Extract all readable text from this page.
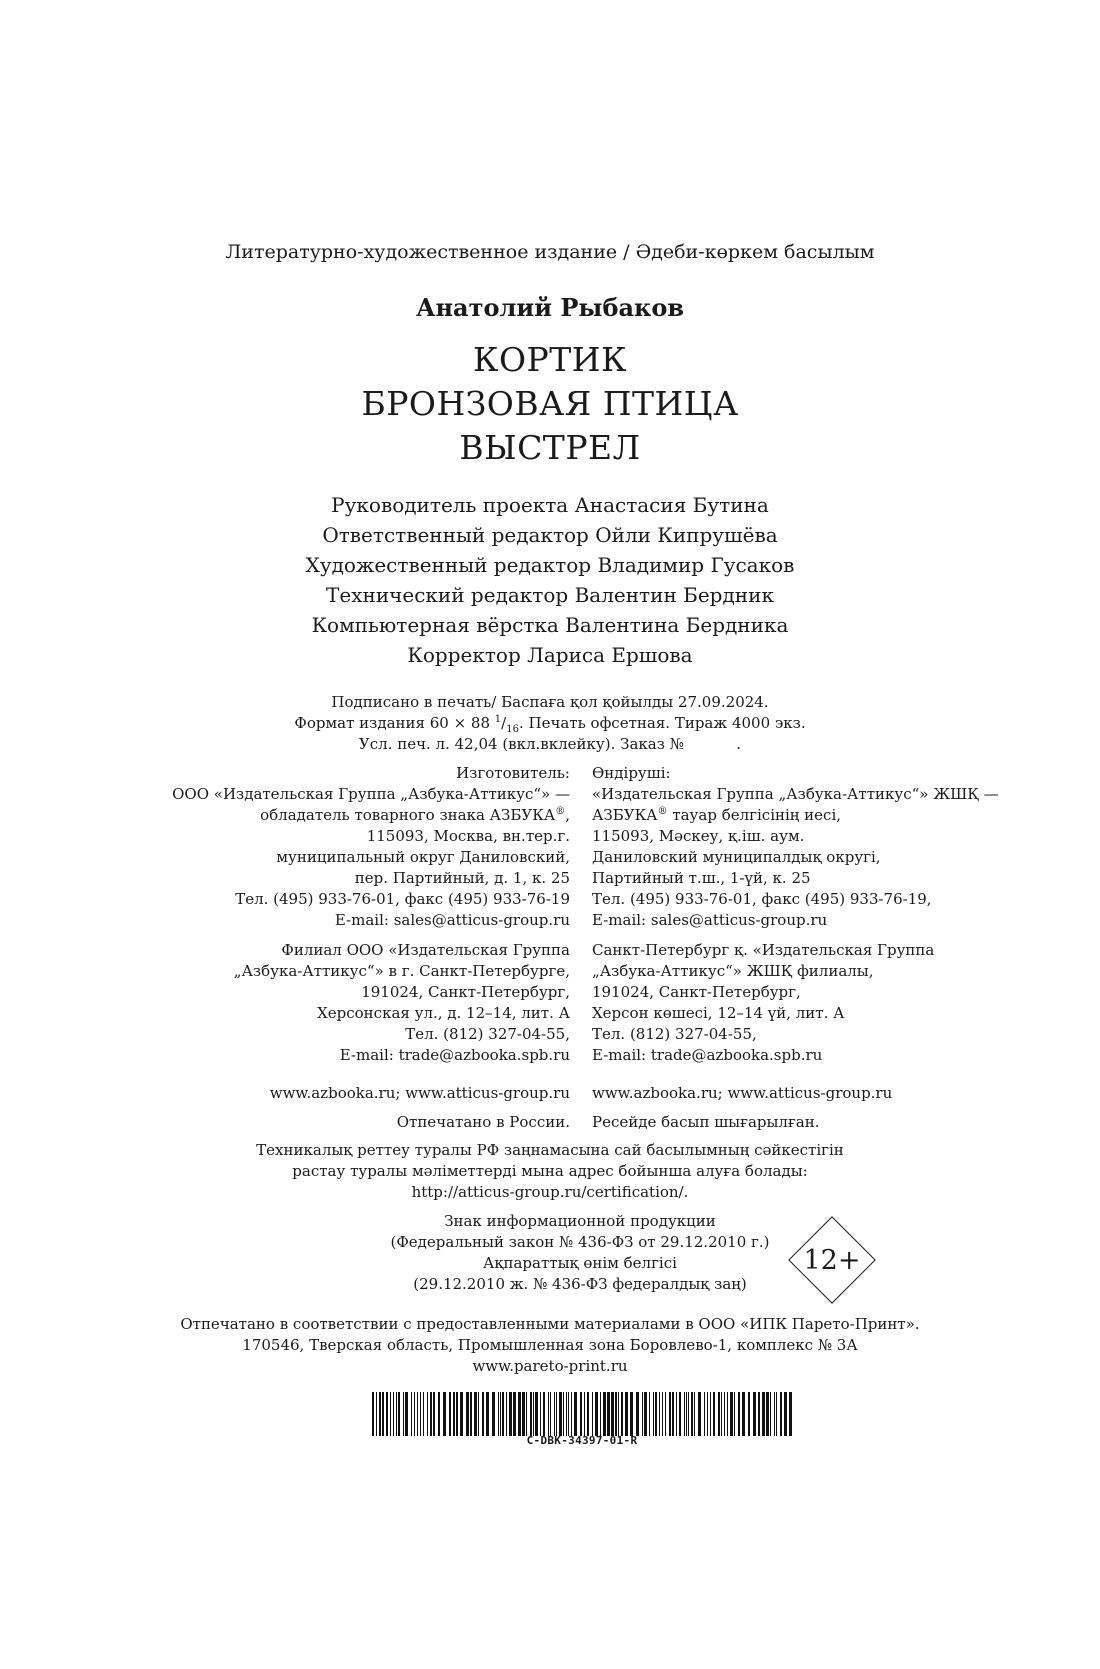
Литературно-художественное издание / Әдеби-көркем басылым
Анатолий Рыбаков
КОРТИК
БРОНЗОВАЯ ПТИЦА
ВЫСТРЕЛ
Руководитель проекта Анастасия Бутина
Ответственный редактор Ойли Кипрушёва
Художественный редактор Владимир Гусаков
Технический редактор Валентин Бердник
Компьютерная вёрстка Валентина Бердника
Корректор Лариса Ершова
Подписано в печать/ Баспаға қол қойылды 27.09.2024.
Формат издания 60 × 88 $^1/_{16}$. Печать офсетная. Тираж 4000 экз.
Усл. печ. л. 42,04 (вкл.вклейку). Заказ №           .
Изготовитель:
ООО «Издательская Группа „Азбука-Аттикус“» —
обладатель товарного знака АЗБУКА®,
115093, Москва, вн.тер.г.
муниципальный округ Даниловский,
пер. Партийный, д. 1, к. 25
Тел. (495) 933-76-01, факс (495) 933-76-19
E-mail: sales@atticus-group.ru
Өндіруші:
«Издательская Группа „Азбука-Аттикус“» ЖШҚ —
АЗБУКА® тауар белгісінің иесі,
115093, Мәскеу, қ.іш. аум.
Даниловский муниципалдық округі,
Партийный т.ш., 1-үй, к. 25
Тел. (495) 933-76-01, факс (495) 933-76-19,
E-mail: sales@atticus-group.ru
Филиал ООО «Издательская Группа
„Азбука-Аттикус“» в г. Санкт-Петербурге,
191024, Санкт-Петербург,
Херсонская ул., д. 12–14, лит. А
Тел. (812) 327-04-55,
E-mail: trade@azbooka.spb.ru
Санкт-Петербург қ. «Издательская Группа
„Азбука-Аттикус“» ЖШҚ филиалы,
191024, Санкт-Петербург,
Херсон көшесі, 12–14 үй, лит. А
Тел. (812) 327-04-55,
E-mail: trade@azbooka.spb.ru
www.azbooka.ru; www.atticus-group.ru www.azbooka.ru; www.atticus-group.ru
Отпечатано в России. Ресейде басып шығарылған.
Техникалық реттеу туралы РФ заңнамасына сай басылымның сәйкестігін
растау туралы мәліметтерді мына адрес бойынша алуға болады:
http://atticus-group.ru/certification/.
Знак информационной продукции
(Федеральный закон № 436-ФЗ от 29.12.2010 г.)
Ақпараттық өнім белгісі
(29.12.2010 ж. № 436-ФЗ федералдық заң)
12+
Отпечатано в соответствии с предоставленными материалами в ООО «ИПК Парето-Принт».
170546, Тверская область, Промышленная зона Боровлево-1, комплекс № 3А
www.pareto-print.ru
C-DBK-34397-01-R
